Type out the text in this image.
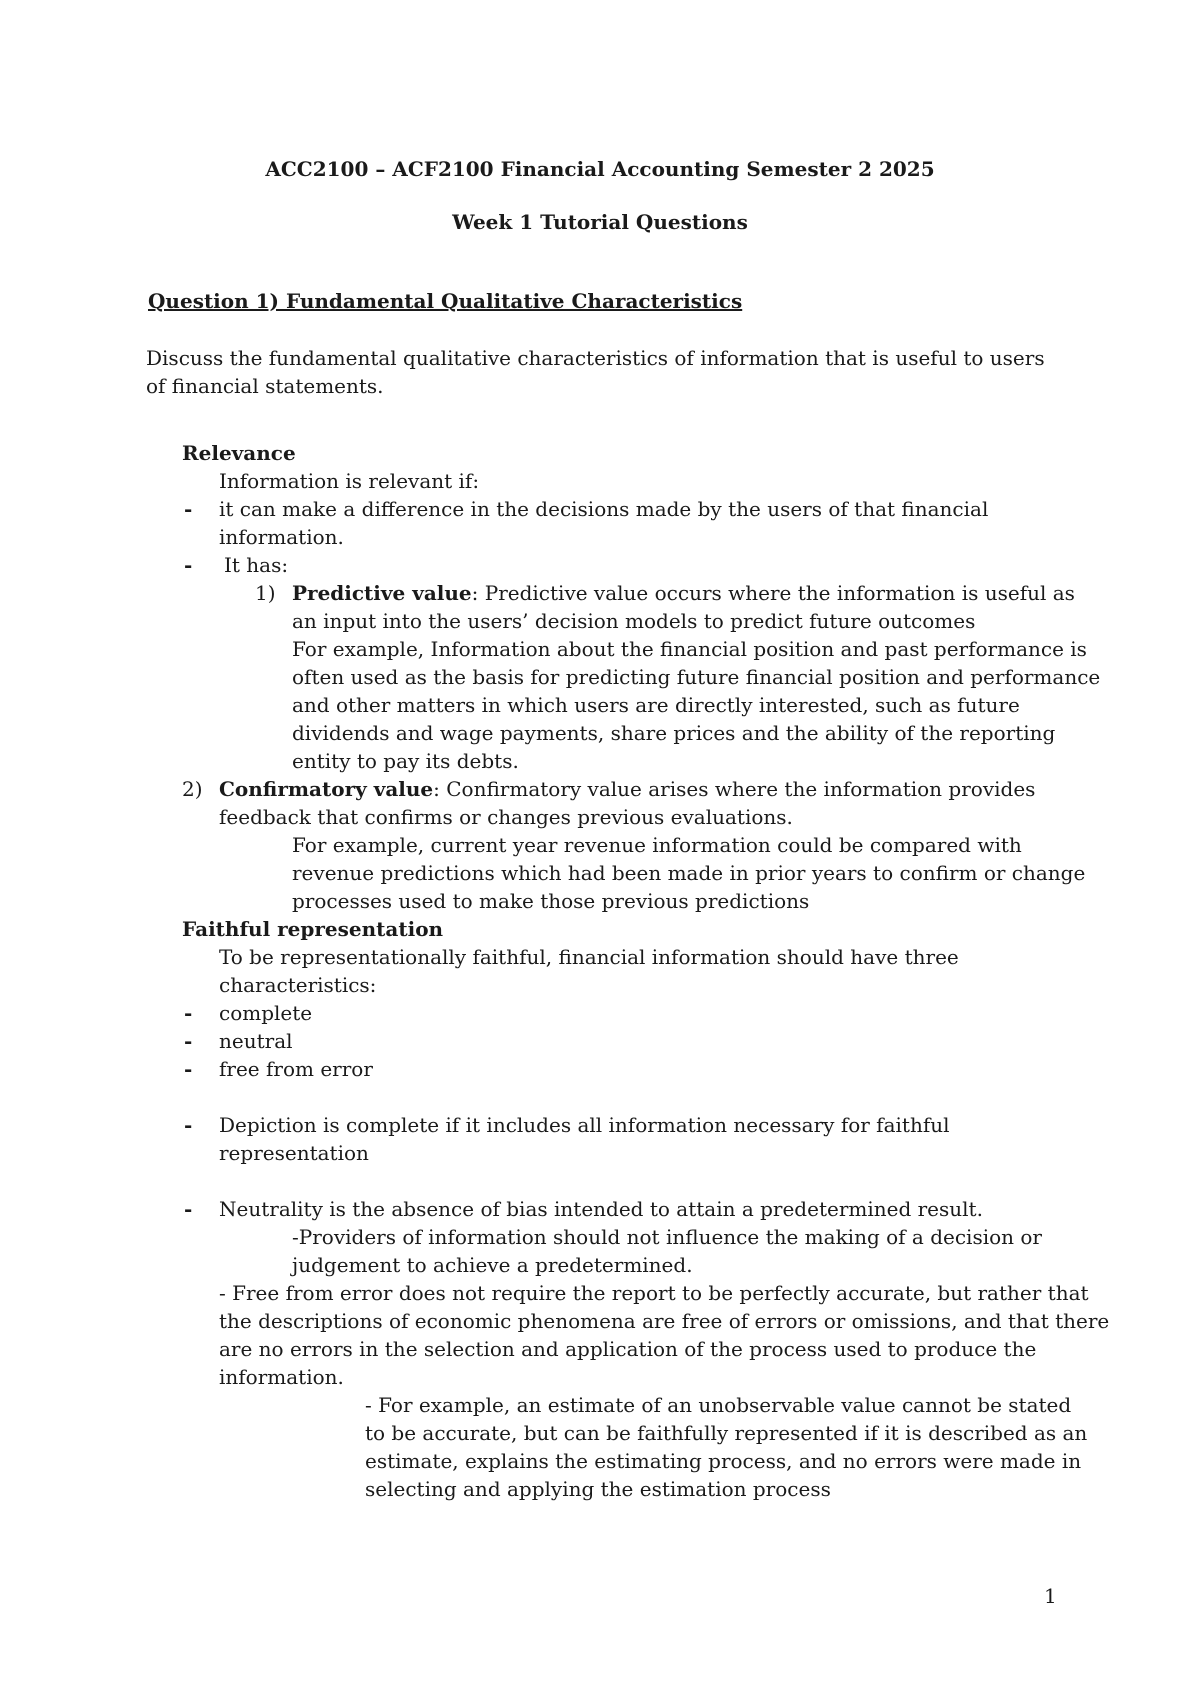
ACC2100 – ACF2100 Financial Accounting Semester 2 2025
Week 1 Tutorial Questions
Question 1) Fundamental Qualitative Characteristics
Discuss the fundamental qualitative characteristics of information that is useful to users
of financial statements.
Relevance
Information is relevant if:
- it can make a difference in the decisions made by the users of that financial
information.
- It has:
1) Predictive value: Predictive value occurs where the information is useful as
an input into the users’ decision models to predict future outcomes
For example, Information about the financial position and past performance is
often used as the basis for predicting future financial position and performance
and other matters in which users are directly interested, such as future
dividends and wage payments, share prices and the ability of the reporting
entity to pay its debts.
2) Confirmatory value: Confirmatory value arises where the information provides
feedback that confirms or changes previous evaluations.
For example, current year revenue information could be compared with
revenue predictions which had been made in prior years to confirm or change
processes used to make those previous predictions
Faithful representation
To be representationally faithful, financial information should have three
characteristics:
- complete
- neutral
- free from error
- Depiction is complete if it includes all information necessary for faithful
representation
- Neutrality is the absence of bias intended to attain a predetermined result.
-Providers of information should not influence the making of a decision or
judgement to achieve a predetermined.
- Free from error does not require the report to be perfectly accurate, but rather that
the descriptions of economic phenomena are free of errors or omissions, and that there
are no errors in the selection and application of the process used to produce the
information.
- For example, an estimate of an unobservable value cannot be stated
to be accurate, but can be faithfully represented if it is described as an
estimate, explains the estimating process, and no errors were made in
selecting and applying the estimation process
1
